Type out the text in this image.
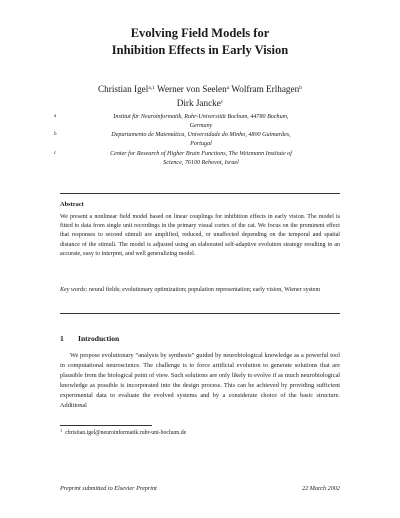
Evolving Field Models for
Inhibition Effects in Early Vision
Christian Igel$^{a,1}$ Werner von Seelen$^a$ Wolfram Erlhagen$^b$
Dirk Jancke$^c$
a	Institut für Neuroinformatik, Ruhr-Universität Bochum, 44780 Bochum,
Germany
b	Departamento de Matemática, Universidade do Minho, 4800 Guimarães,
Portugal
c	Center for Research of Higher Brain Functions, The Weizmann Institute of
Science, 76100 Rehovot, Israel
Abstract
We present a nonlinear field model based on linear couplings for inhibition effects in early vision. The model is fitted to data from single unit recordings in the primary visual cortex of the cat. We focus on the prominent effect that responses to second stimuli are amplified, reduced, or unaffected depending on the temporal and spatial distance of the stimuli. The model is adjusted using an elaborated self-adaptive evolution strategy resulting in an accurate, easy to interpret, and well generalizing model.
Key words: neural fields; evolutionary optimization; population representation; early vision, Wiener system
1 Introduction
We propose evolutionary “analysis by synthesis” guided by neurobiological knowledge as a powerful tool in computational neuroscience. The challenge is to force artificial evolution to generate solutions that are plausible from the biological point of view. Such solutions are only likely to evolve if as much neurobiological knowledge as possible is incorporated into the design process. This can be achieved by providing sufficient experimental data to evaluate the evolved systems and by a considerate choice of the basic structure. Additional
$^1$ christian.igel@neuroinformatik.ruhr-uni-bochum.de
Preprint submitted to Elsevier Preprint	22 March 2002
